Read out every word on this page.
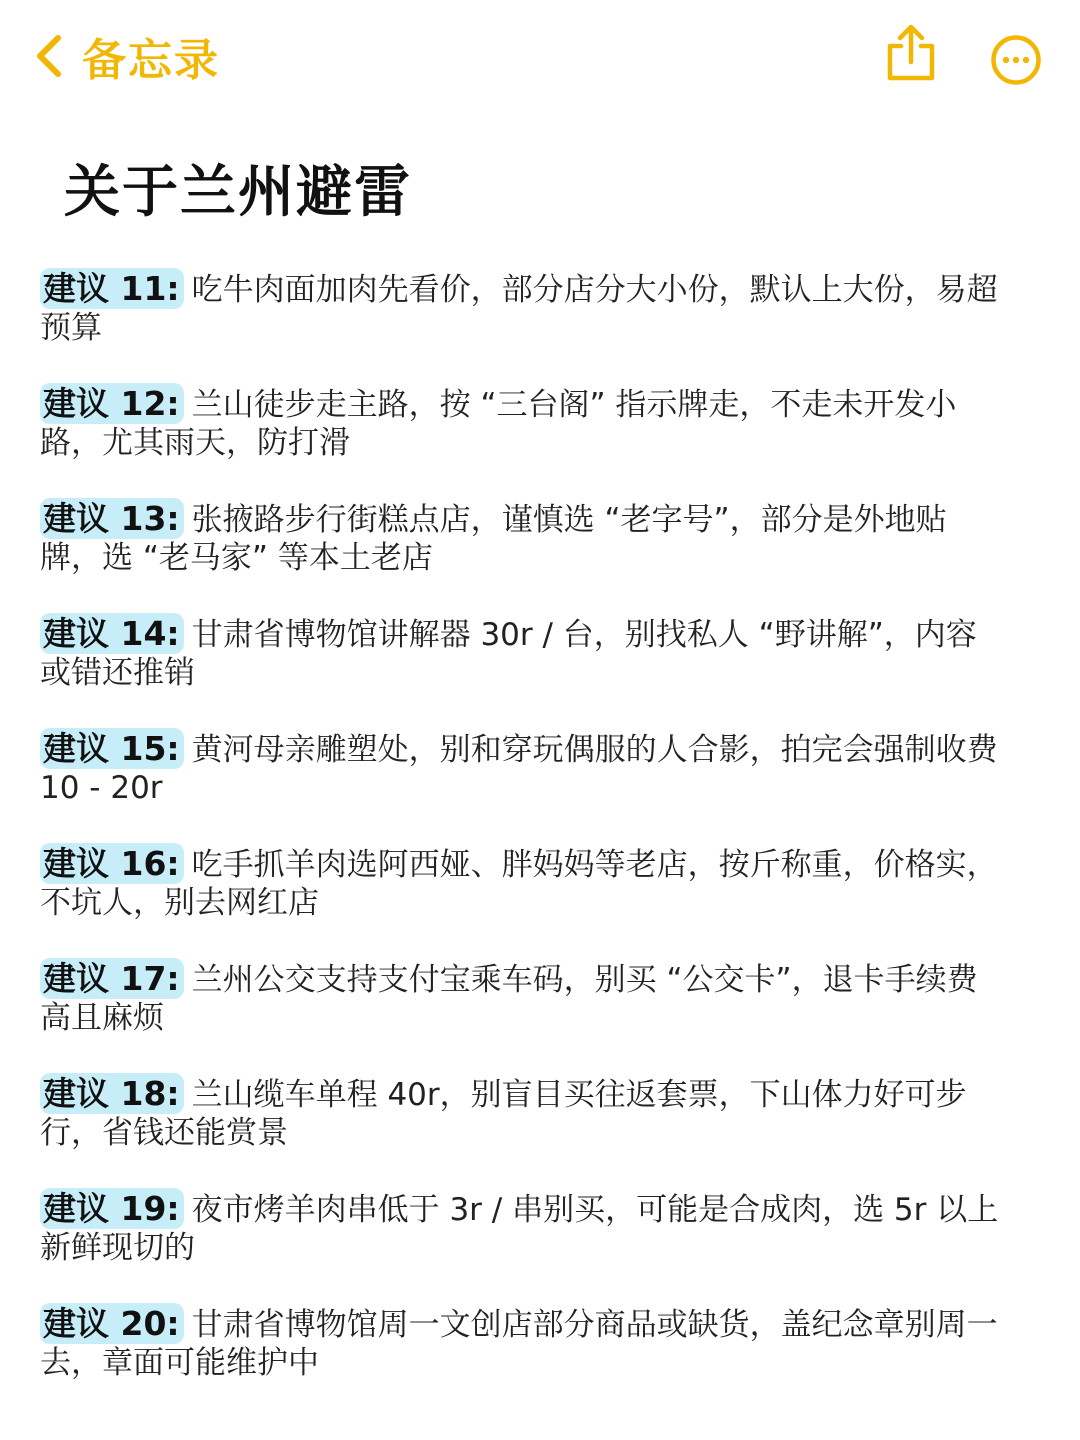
备忘录
关于兰州避雷
建议 11: 吃牛肉面加肉先看价，部分店分大小份，默认上大份，易超预算
建议 12: 兰山徒步走主路，按 “三台阁” 指示牌走，不走未开发小路，尤其雨天，防打滑
建议 13: 张掖路步行街糕点店，谨慎选 “老字号”，部分是外地贴牌，选 “老马家” 等本土老店
建议 14: 甘肃省博物馆讲解器 30r / 台，别找私人 “野讲解”，内容或错还推销
建议 15: 黄河母亲雕塑处，别和穿玩偶服的人合影，拍完会强制收费 10 - 20r
建议 16: 吃手抓羊肉选阿西娅、胖妈妈等老店，按斤称重，价格实，不坑人，别去网红店
建议 17: 兰州公交支持支付宝乘车码，别买 “公交卡”，退卡手续费高且麻烦
建议 18: 兰山缆车单程 40r，别盲目买往返套票，下山体力好可步行，省钱还能赏景
建议 19: 夜市烤羊肉串低于 3r / 串别买，可能是合成肉，选 5r 以上新鲜现切的
建议 20: 甘肃省博物馆周一文创店部分商品或缺货，盖纪念章别周一去，章面可能维护中
